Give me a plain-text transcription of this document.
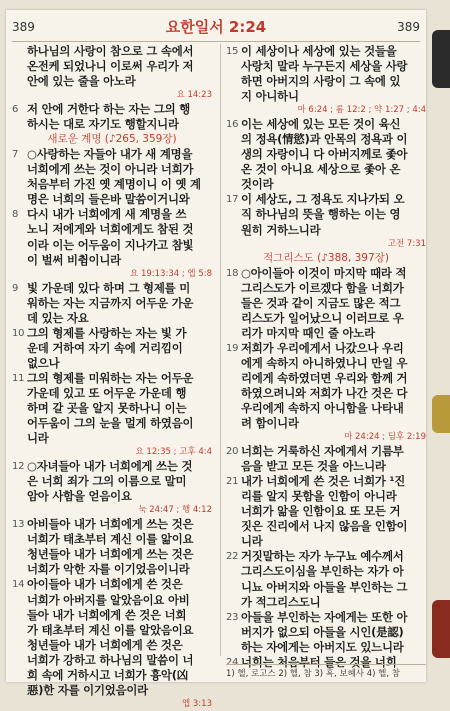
389	요한일서 2:24	389
하나님의 사랑이 참으로 그 속에서
온전케 되었나니 이로써 우리가 저
안에 있는 줄을 아노라
요 14:23
6 저 안에 거한다 하는 자는 그의 행
하시는 대로 자기도 행할지니라
새로운 계명 (♪265, 359장)
7 ○사랑하는 자들아 내가 새 계명을
너희에게 쓰는 것이 아니라 너희가
처음부터 가진 옛 계명이니 이 옛 계
명은 너희의 들은바 말씀이거니와
8 다시 내가 너희에게 새 계명을 쓰
노니 저에게와 너희에게도 참된 것
이라 이는 어두움이 지나가고 참빛
이 벌써 비췸이니라
요 19:13:34 ; 엡 5:8
9 빛 가운데 있다 하며 그 형제를 미
워하는 자는 지금까지 어두운 가운
데 있는 자요
10 그의 형제를 사랑하는 자는 빛 가
운데 거하여 자기 속에 거리낌이
없으나
11 그의 형제를 미워하는 자는 어두운
가운데 있고 또 어두운 가운데 행
하며 갈 곳을 알지 못하나니 이는
어두움이 그의 눈을 멀게 하였음이
니라
요 12:35 ; 고후 4:4
12 ○자녀들아 내가 너희에게 쓰는 것
은 너희 죄가 그의 이름으로 말미
암아 사함을 얻음이요
눅 24:47 ; 행 4:12
13 아비들아 내가 너희에게 쓰는 것은
너희가 태초부터 계신 이를 앎이요
청년들아 내가 너희에게 쓰는 것은
너희가 악한 자를 이기었음이니라
14 아이들아 내가 너희에게 쓴 것은
너희가 아버지를 알았음이요 아비
들아 내가 너희에게 쓴 것은 너희
가 태초부터 계신 이를 알았음이요
청년들아 내가 너희에게 쓴 것은
너희가 강하고 하나님의 말씀이 너
희 속에 거하시고 너희가 흉악(凶
惡)한 자를 이기었음이라
엡 3:13
15 이 세상이나 세상에 있는 것들을
사랑치 말라 누구든지 세상을 사랑
하면 아버지의 사랑이 그 속에 있
지 아니하니
마 6:24 ; 롬 12:2 ; 약 1:27 ; 4:4
16 이는 세상에 있는 모든 것이 육신
의 정욕(情慾)과 안목의 정욕과 이
생의 자랑이니 다 아버지께로 좇아
온 것이 아니요 세상으로 좇아 온
것이라
17 이 세상도, 그 정욕도 지나가되 오
직 하나님의 뜻을 행하는 이는 영
원히 거하느니라
고전 7:31
적그리스도 (♪388, 397장)
18 ○아이들아 이것이 마지막 때라 적
그리스도가 이르겠다 함을 너희가
들은 것과 같이 지금도 많은 적그
리스도가 일어났으니 이러므로 우
리가 마지막 때인 줄 아노라
19 저희가 우리에게서 나갔으나 우리
에게 속하지 아니하였나니 만일 우
리에게 속하였더면 우리와 함께 거
하였으려니와 저희가 나간 것은 다
우리에게 속하지 아니함을 나타내
려 함이니라
마 24:24 ; 딤후 2:19
20 너희는 거룩하신 자에게서 기름부
음을 받고 모든 것을 아느니라
21 내가 너희에게 쓴 것은 너희가 ¹진
리를 알지 못함을 인함이 아니라
너희가 앎을 인함이요 또 모든 거
짓은 진리에서 나지 않음을 인함이
니라
22 거짓말하는 자가 누구뇨 예수께서
그리스도이심을 부인하는 자가 아
니뇨 아버지와 아들을 부인하는 그
가 적그리스도니
23 아들을 부인하는 자에게는 또한 아
버지가 없으되 아들을 시인(是認)
하는 자에게는 아버지도 있느니라
24 너희는 처음부터 들은 것을 너희
1) 헬, 로고스 2) 헬, 참 3) 혹, 보혜사 4) 헬, 참
